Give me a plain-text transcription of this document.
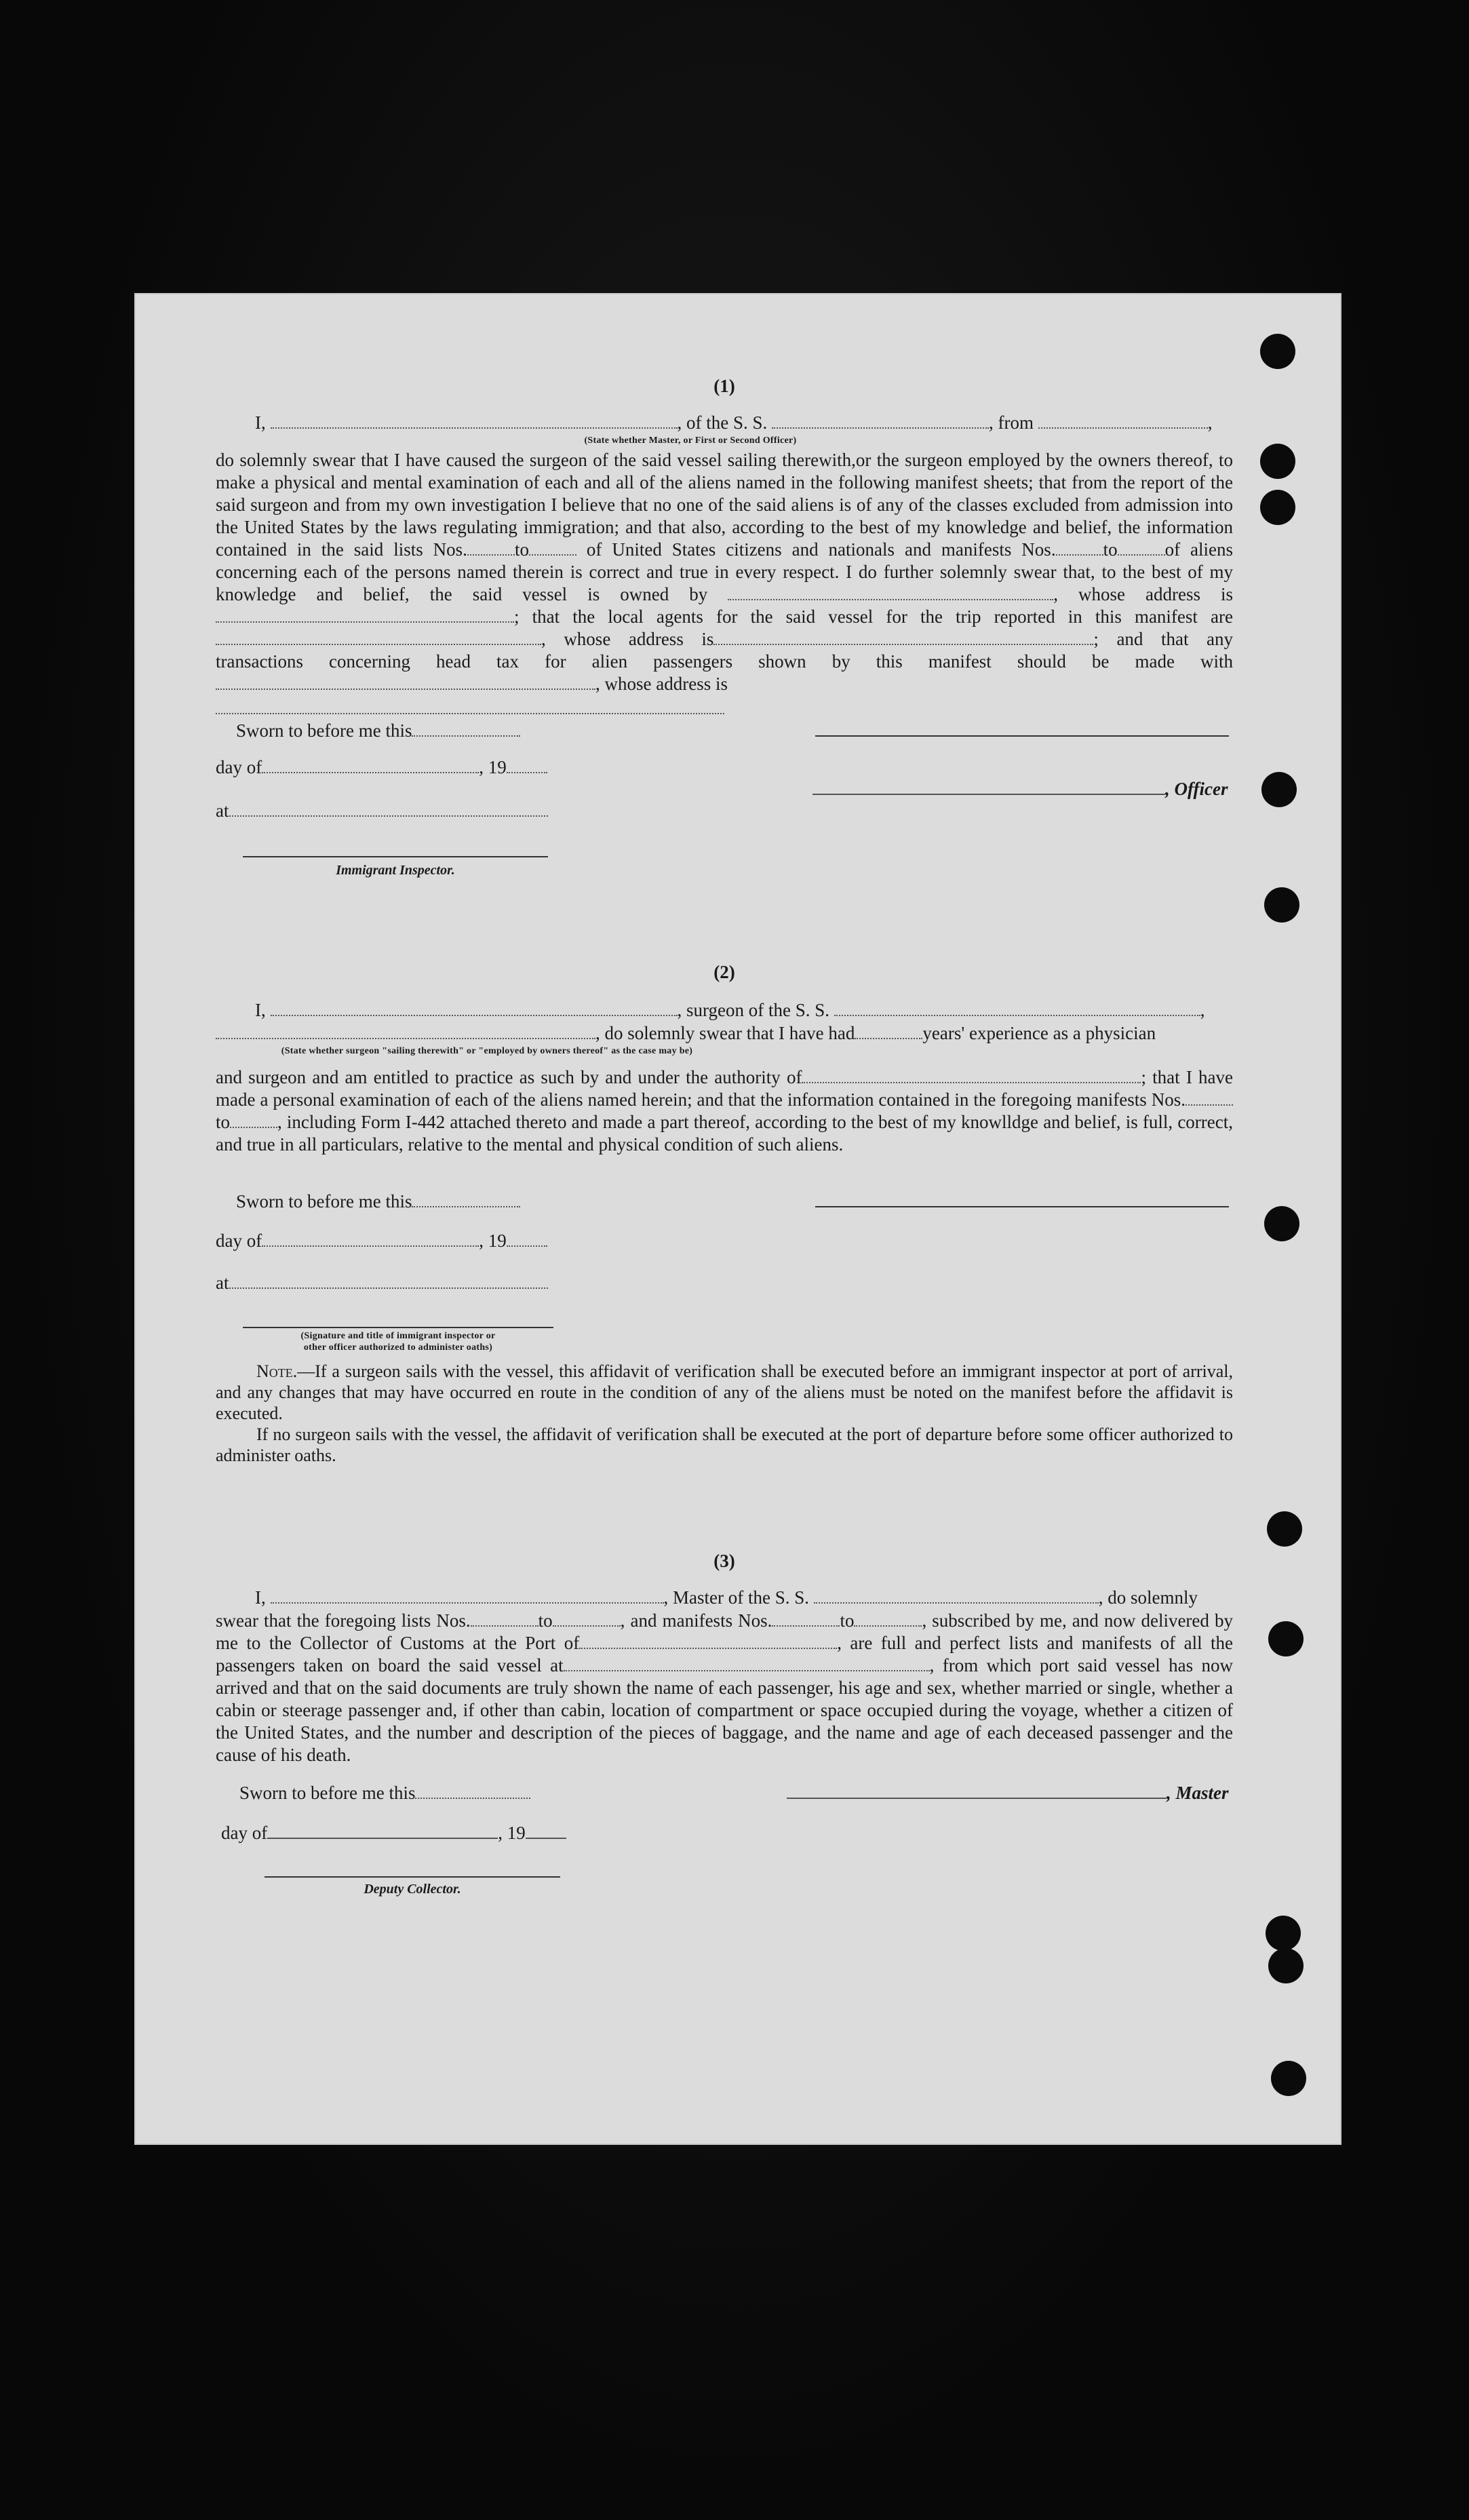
(1)
I,	, of the S. S.	, from	,
(State whether Master, or First or Second Officer)

do solemnly swear that I have caused the surgeon of the said vessel sailing therewith,or the surgeon employed by the owners thereof, to make a physical and mental examination of each and all of the aliens named in the following manifest sheets; that from the report of the said surgeon and from my own investigation I believe that no one of the said aliens is of any of the classes excluded from admission into the United States by the laws regulating immigration; and that also, according to the best of my knowledge and belief, the information contained in the said lists Nos.	to	of United States citizens and nationals and manifests Nos.	to	of aliens concerning each of the persons named therein is correct and true in every respect. I do further solemnly swear that, to the best of my knowledge and belief, the said vessel is owned by	, whose address is ; that the local agents for the said vessel for the trip reported in this manifest are , whose address is	; and that any transactions concerning head tax for alien passengers shown by this manifest should be made with , whose address is

Sworn to before me this
day of	, 19
at
Immigrant Inspector.
, Officer
(2)
I,	, surgeon of the S. S.	,
, do solemnly swear that I have had	years' experience as a physician
(State whether surgeon "sailing therewith" or "employed by owners thereof" as the case may be)

and surgeon and am entitled to practice as such by and under the authority of	; that I have made a personal examination of each of the aliens named herein; and that the information contained in the foregoing manifests Nos.to	, including Form I-442 attached thereto and made a part thereof, according to the best of my knowlldge and belief, is full, correct, and true in all particulars, relative to the mental and physical condition of such aliens.

Sworn to before me this
day of	, 19
at
(Signature and title of immigrant inspector or
other officer authorized to administer oaths)

Note.—If a surgeon sails with the vessel, this affidavit of verification shall be executed before an immigrant inspector at port of arrival, and any changes that may have occurred en route in the condition of any of the aliens must be noted on the manifest before the affidavit is executed.

If no surgeon sails with the vessel, the affidavit of verification shall be executed at the port of departure before some officer authorized to administer oaths.

(3)
I,	, Master of the S. S.	, do solemnly

swear that the foregoing lists Nos.	to	, and manifests Nos.	to	, subscribed by me, and now delivered by me to the Collector of Customs at the Port of	, are full and perfect lists and manifests of all the passengers taken on board the said vessel at	, from which port said vessel has now arrived and that on the said documents are truly shown the name of each passenger, his age and sex, whether married or single, whether a cabin or steerage passenger and, if other than cabin, location of compartment or space occupied during the voyage, whether a citizen of the United States, and the number and description of the pieces of baggage, and the name and age of each deceased passenger and the cause of his death.

Sworn to before me this	, Master
day of	, 19
Deputy Collector.
